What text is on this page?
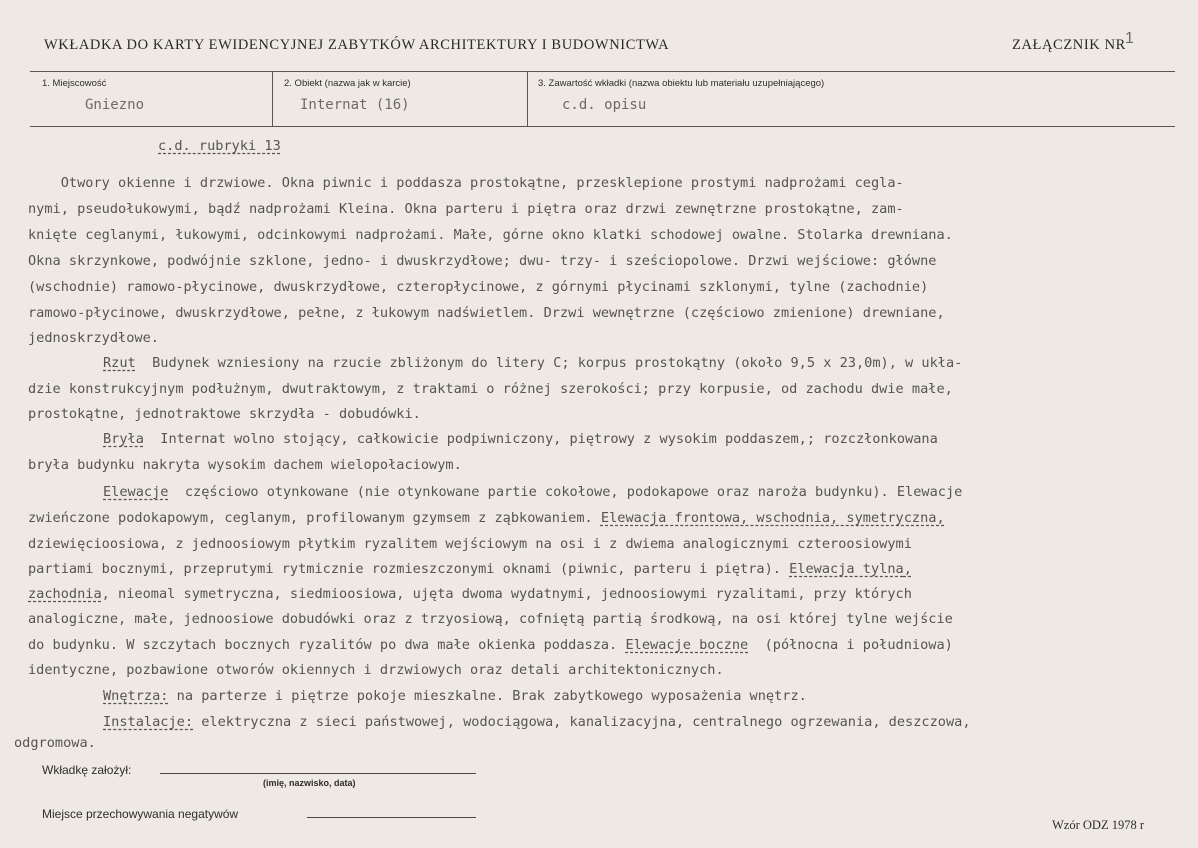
WKŁADKA DO KARTY EWIDENCYJNEJ ZABYTKÓW ARCHITEKTURY I BUDOWNICTWA	ZAŁĄCZNIK NR 1
1. Miejscowość
Gniezno
2. Obiekt (nazwa jak w karcie)
Internat (16)
3. Zawartość wkładki (nazwa obiektu lub materiału uzupełniającego)
c.d. opisu

c.d. rubryki 13

Otwory okienne i drzwiowe. Okna piwnic i poddasza prostokątne, przesklepione prostymi nadprożami cegla-

nymi, pseudołukowymi, bądź nadprożami Kleina. Okna parteru i piętra oraz drzwi zewnętrzne prostokątne, zam-

knięte ceglanymi, łukowymi, odcinkowymi nadprożami. Małe, górne okno klatki schodowej owalne. Stolarka drewniana.

Okna skrzynkowe, podwójnie szklone, jedno- i dwuskrzydłowe; dwu- trzy- i sześciopolowe. Drzwi wejściowe: główne

(wschodnie) ramowo-płycinowe, dwuskrzydłowe, czteropłycinowe, z górnymi płycinami szklonymi, tylne (zachodnie)

ramowo-płycinowe, dwuskrzydłowe, pełne, z łukowym nadświetlem. Drzwi wewnętrzne (częściowo zmienione) drewniane,

jednoskrzydłowe.

Rzut  Budynek wzniesiony na rzucie zbliżonym do litery C; korpus prostokątny (około 9,5 x 23,0m), w ukła-

dzie konstrukcyjnym podłużnym, dwutraktowym, z traktami o różnej szerokości; przy korpusie, od zachodu dwie małe,

prostokątne, jednotraktowe skrzydła - dobudówki.

Bryła  Internat wolno stojący, całkowicie podpiwniczony, piętrowy z wysokim poddaszem,; rozczłonkowana

bryła budynku nakryta wysokim dachem wielopołaciowym.

Elewacje  częściowo otynkowane (nie otynkowane partie cokołowe, podokapowe oraz naroża budynku). Elewacje

zwieńczone podokapowym, ceglanym, profilowanym gzymsem z ząbkowaniem. Elewacja frontowa, wschodnia, symetryczna,

dziewięcioosiowa, z jednoosiowym płytkim ryzalitem wejściowym na osi i z dwiema analogicznymi czteroosiowymi

partiami bocznymi, przeprutymi rytmicznie rozmieszczonymi oknami (piwnic, parteru i piętra). Elewacja tylna,

zachodnia, nieomal symetryczna, siedmioosiowa, ujęta dwoma wydatnymi, jednoosiowymi ryzalitami, przy których

analogiczne, małe, jednoosiowe dobudówki oraz z trzyosiową, cofniętą partią środkową, na osi której tylne wejście

do budynku. W szczytach bocznych ryzalitów po dwa małe okienka poddasza. Elewacje boczne  (północna i południowa)

identyczne, pozbawione otworów okiennych i drzwiowych oraz detali architektonicznych.

Wnętrza: na parterze i piętrze pokoje mieszkalne. Brak zabytkowego wyposażenia wnętrz.

Instalacje: elektryczna z sieci państwowej, wodociągowa, kanalizacyjna, centralnego ogrzewania, deszczowa,

odgromowa.

Wkładkę założył:
(imię, nazwisko, data)
Miejsce przechowywania negatywów
Wzór ODZ 1978 r
